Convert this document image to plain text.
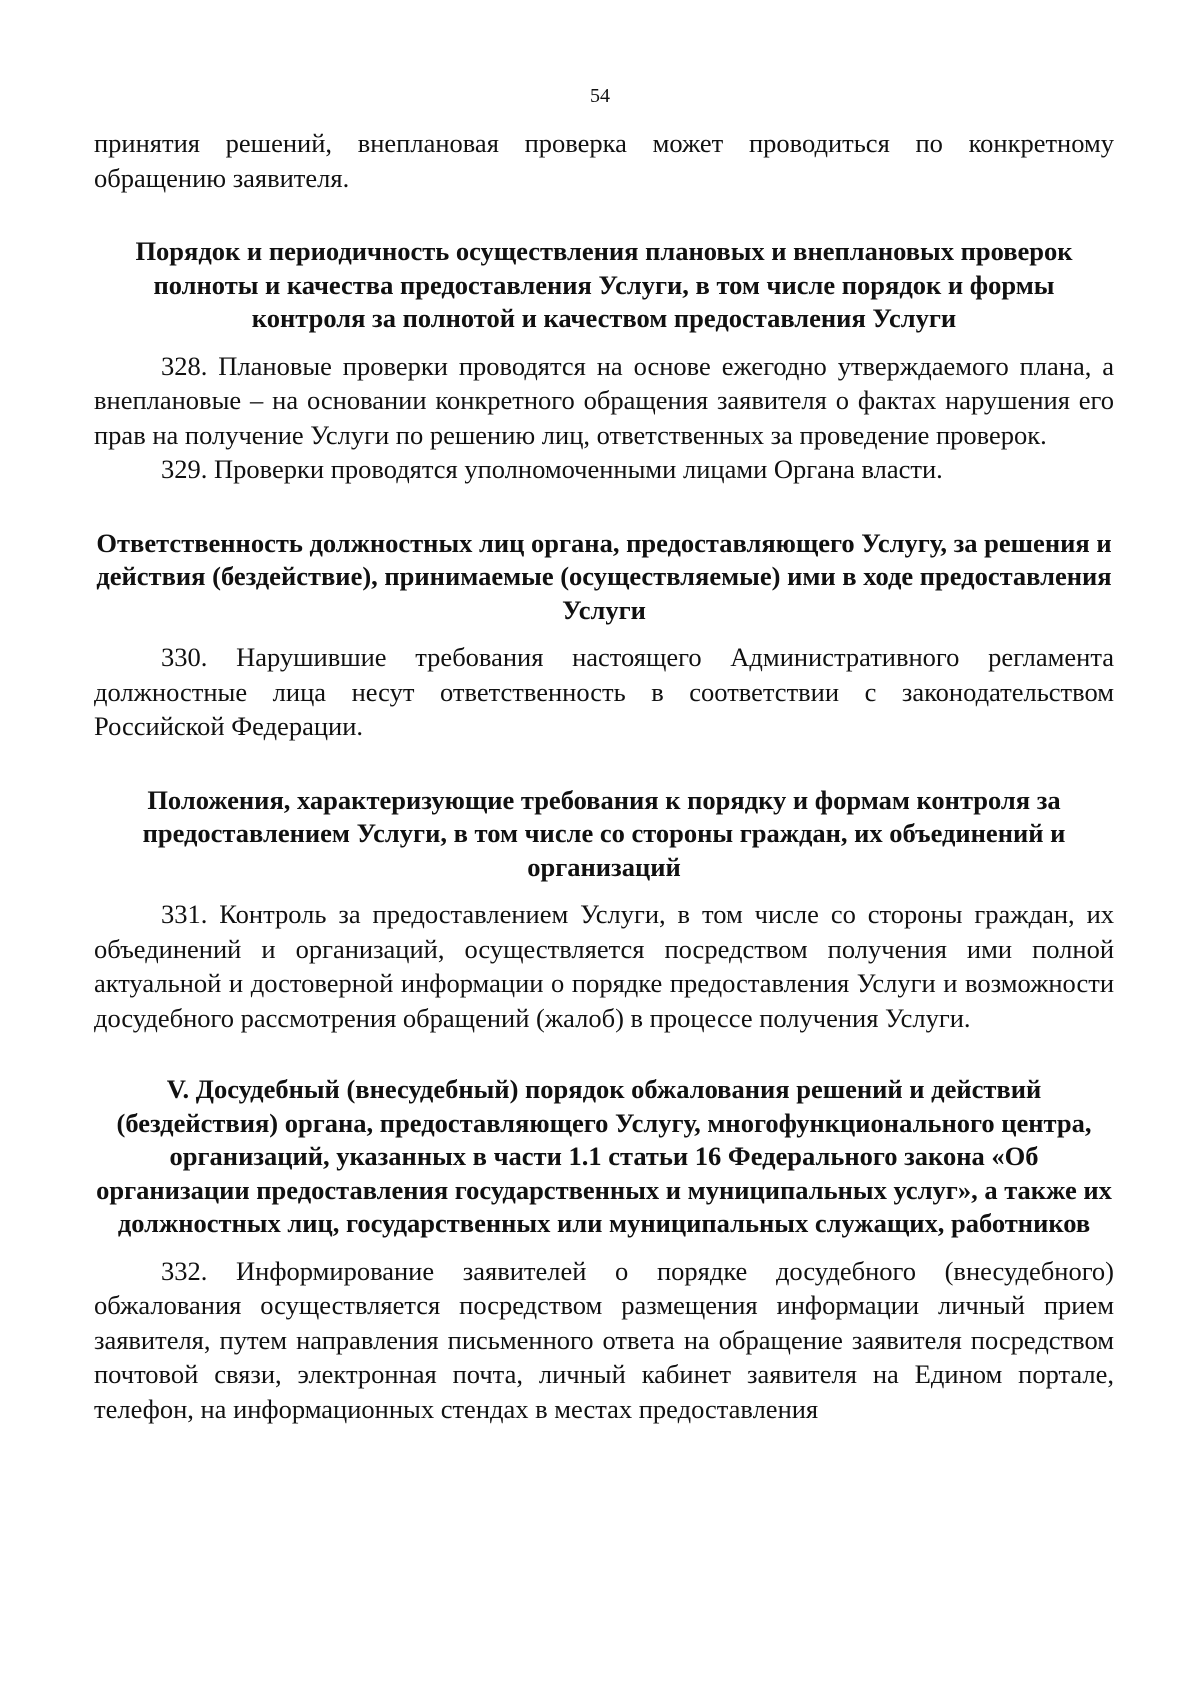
54

принятия решений, внеплановая проверка может проводиться по конкретному обращению заявителя.

Порядок и периодичность осуществления плановых и внеплановых проверок полноты и качества предоставления Услуги, в том числе порядок и формы контроля за полнотой и качеством предоставления Услуги

328. Плановые проверки проводятся на основе ежегодно утверждаемого плана, а внеплановые – на основании конкретного обращения заявителя о фактах нарушения его прав на получение Услуги по решению лиц, ответственных за проведение проверок.

329. Проверки проводятся уполномоченными лицами Органа власти.

Ответственность должностных лиц органа, предоставляющего Услугу, за решения и действия (бездействие), принимаемые (осуществляемые) ими в ходе предоставления Услуги

330. Нарушившие требования настоящего Административного регламента должностные лица несут ответственность в соответствии с законодательством Российской Федерации.

Положения, характеризующие требования к порядку и формам контроля за предоставлением Услуги, в том числе со стороны граждан, их объединений и организаций

331. Контроль за предоставлением Услуги, в том числе со стороны граждан, их объединений и организаций, осуществляется посредством получения ими полной актуальной и достоверной информации о порядке предоставления Услуги и возможности досудебного рассмотрения обращений (жалоб) в процессе получения Услуги.

V. Досудебный (внесудебный) порядок обжалования решений и действий (бездействия) органа, предоставляющего Услугу, многофункционального центра, организаций, указанных в части 1.1 статьи 16 Федерального закона «Об организации предоставления государственных и муниципальных услуг», а также их должностных лиц, государственных или муниципальных служащих, работников

332. Информирование заявителей о порядке досудебного (внесудебного) обжалования осуществляется посредством размещения информации личный прием заявителя, путем направления письменного ответа на обращение заявителя посредством почтовой связи, электронная почта, личный кабинет заявителя на Едином портале, телефон, на информационных стендах в местах предоставления
